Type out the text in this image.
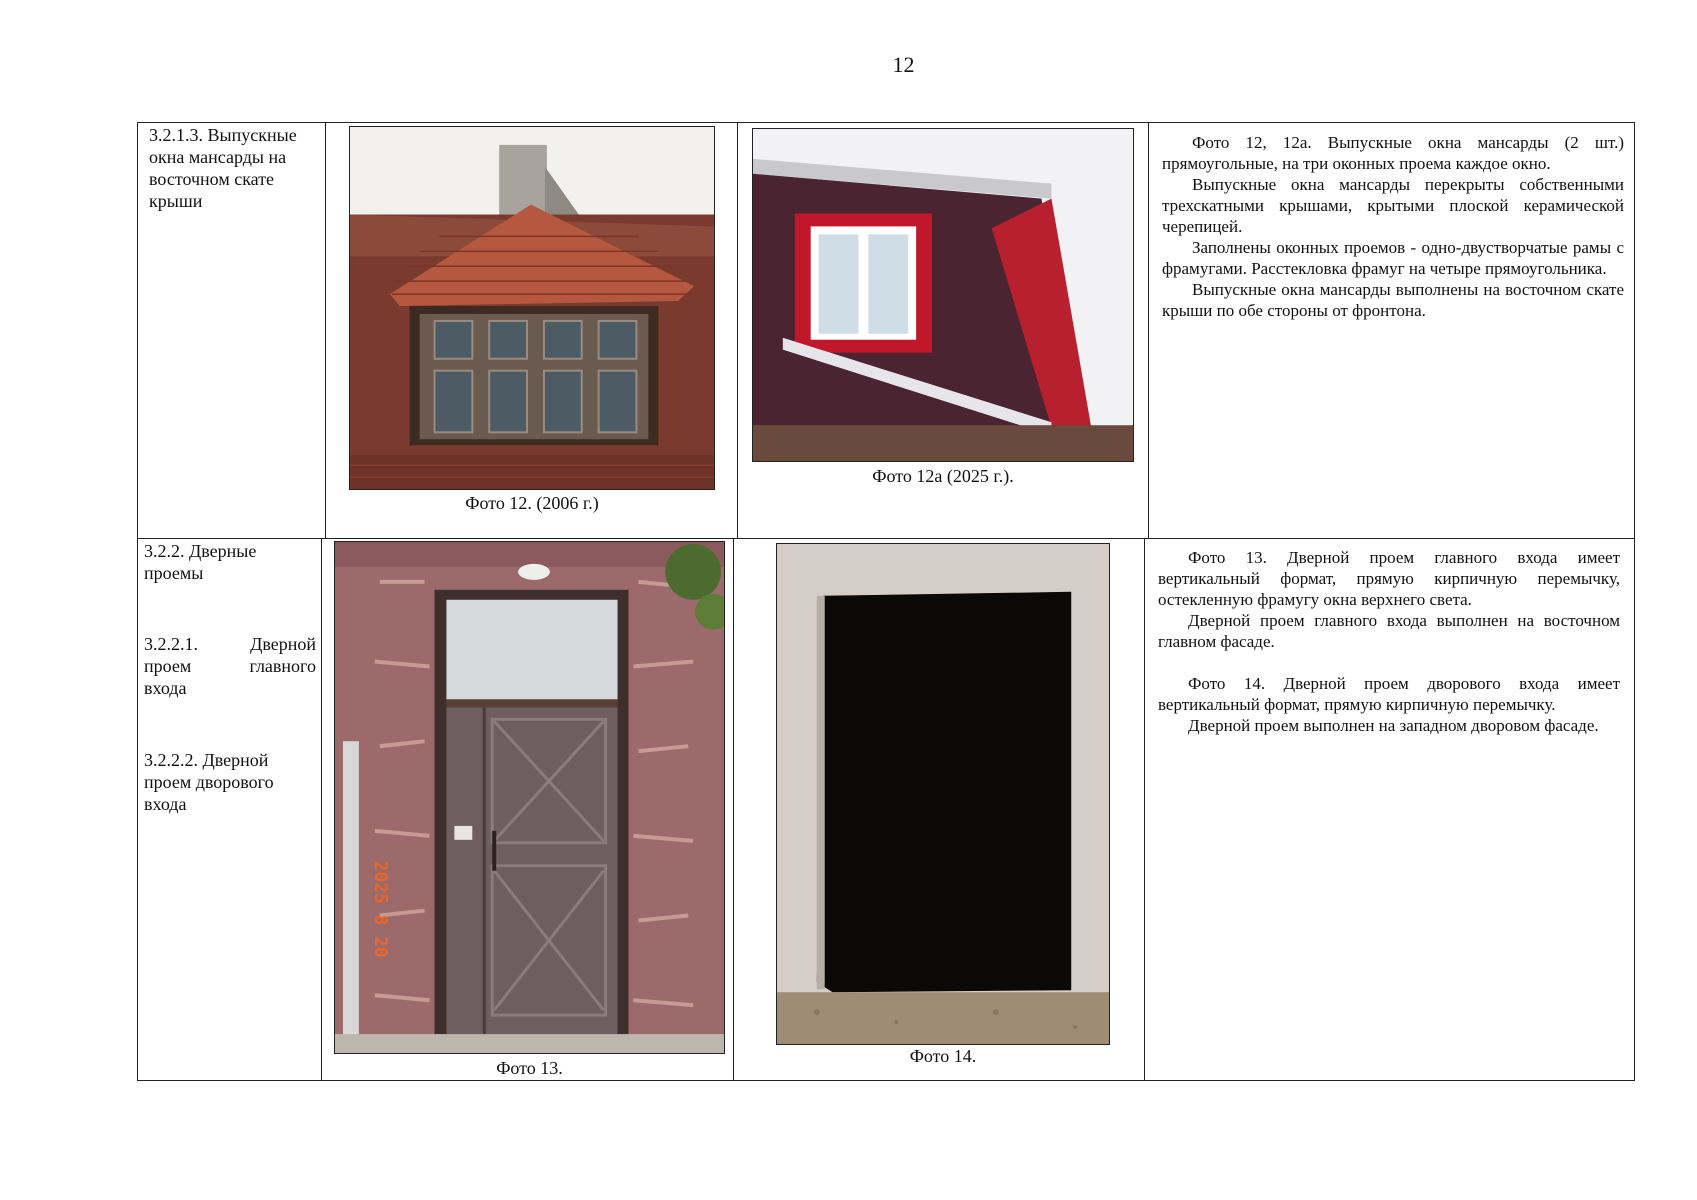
12

3.2.1.3. Выпускные

окна мансарды на

восточном скате

крыши

Фото 12. (2006 г.)
Фото 12а (2025 г.).

Фото 12, 12а. Выпускные окна мансарды (2 шт.) прямоугольные, на три оконных проема каждое окно.

Выпускные окна мансарды перекрыты собственными трехскатными крышами, крытыми плоской керамической черепицей.

Заполнены оконных проемов - одно-двустворчатые рамы с фрамугами. Расстекловка фрамуг на четыре прямоугольника.

Выпускные окна мансарды выполнены на восточном скате крыши по обе стороны от фронтона.

3.2.2. Дверные

проемы

3.2.2.1. Дверной

проем главного

входа

3.2.2.2. Дверной

проем дворового

входа

2025 8 20
Фото 13.
Фото 14.

Фото 13. Дверной проем главного входа имеет вертикальный формат, прямую кирпичную перемычку, остекленную фрамугу окна верхнего света.

Дверной проем главного входа выполнен на восточном главном фасаде.

Фото 14. Дверной проем дворового входа имеет вертикальный формат, прямую кирпичную перемычку.

Дверной проем выполнен на западном дворовом фасаде.
